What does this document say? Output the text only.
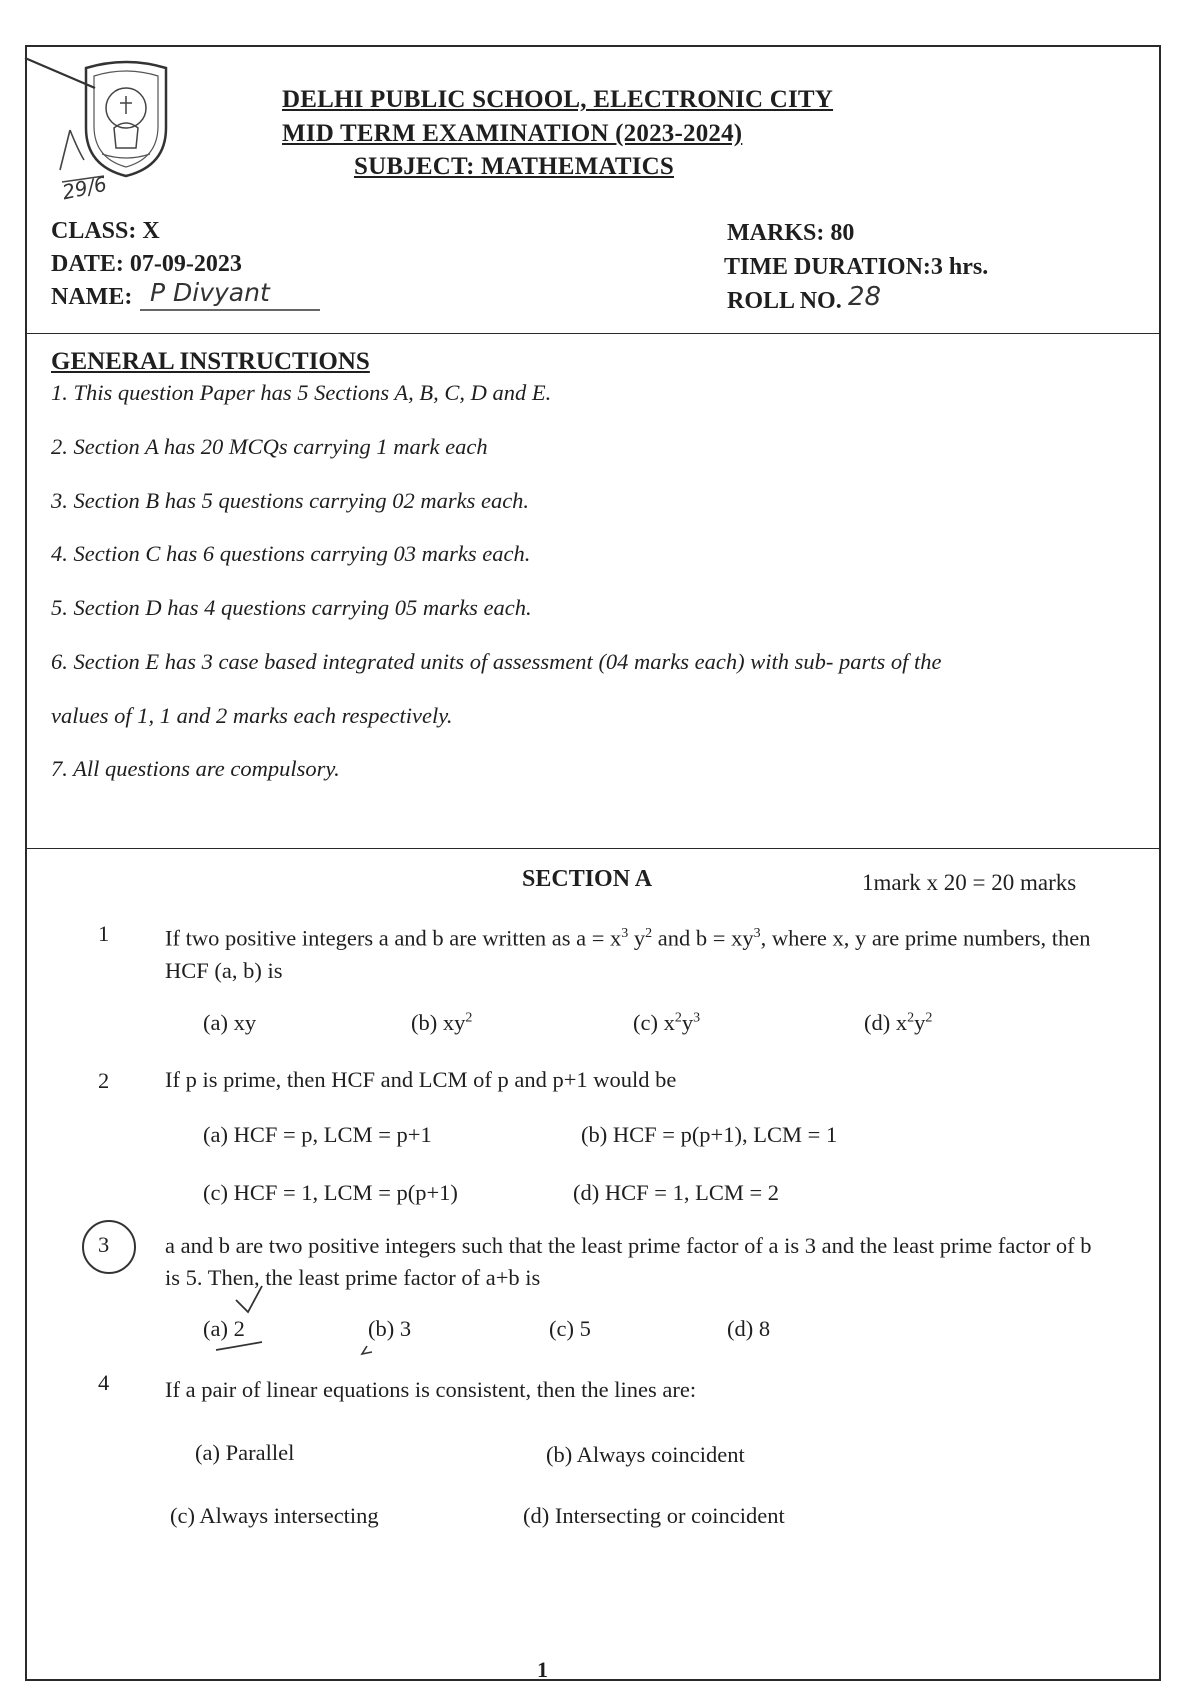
29/6
DELHI PUBLIC SCHOOL, ELECTRONIC CITY
MID TERM EXAMINATION (2023-2024)
SUBJECT: MATHEMATICS
CLASS: X
DATE: 07-09-2023
NAME: P Divyant
MARKS: 80
TIME DURATION:3 hrs.
ROLL NO. 28
GENERAL INSTRUCTIONS
1. This question Paper has 5 Sections A, B, C, D and E.
2. Section A has 20 MCQs carrying 1 mark each
3. Section B has 5 questions carrying 02 marks each.
4. Section C has 6 questions carrying 03 marks each.
5. Section D has 4 questions carrying 05 marks each.
6. Section E has 3 case based integrated units of assessment (04 marks each) with sub- parts of the
values of 1, 1 and 2 marks each respectively.
7. All questions are compulsory.
SECTION A	1mark x 20 = 20 marks
1 If two positive integers a and b are written as $a = x^3$ $y^2$ and $b = xy^3$, where x, y are prime numbers, then HCF (a, b) is
(a) xy	(b) $xy^2$	(c) $x^2y^3$	(d) $x^2y^2$
2 If p is prime, then HCF and LCM of p and p+1 would be
(a) HCF = p, LCM = p+1	(b) HCF = p(p+1), LCM = 1
(c) HCF = 1, LCM = p(p+1)	(d) HCF = 1, LCM = 2
3 a and b are two positive integers such that the least prime factor of a is 3 and the least prime factor of b is 5. Then, the least prime factor of a+b is
(a) 2	(b) 3	(c) 5	(d) 8
4 If a pair of linear equations is consistent, then the lines are:
(a) Parallel	(b) Always coincident
(c) Always intersecting	(d) Intersecting or coincident
1
